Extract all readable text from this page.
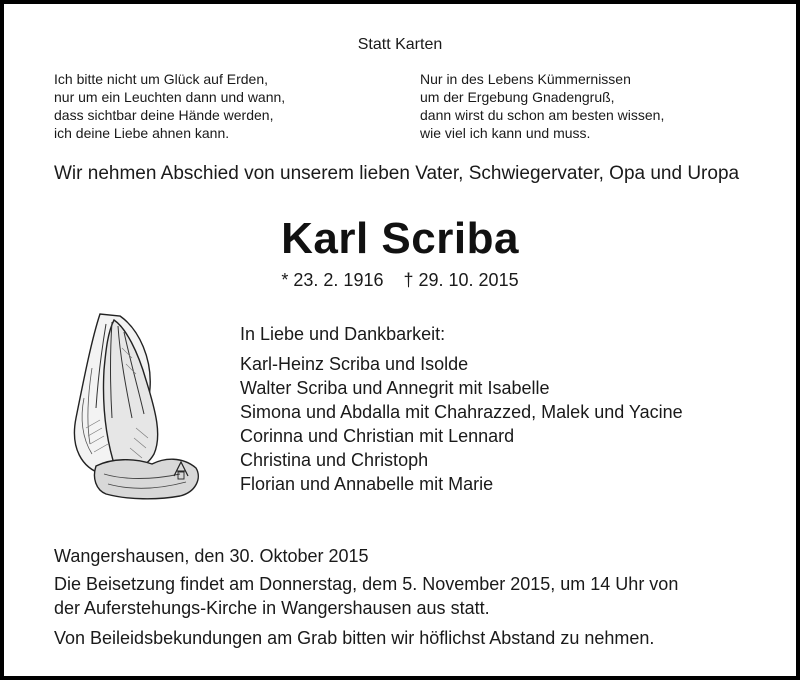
Statt Karten
Ich bitte nicht um Glück auf Erden,
nur um ein Leuchten dann und wann,
dass sichtbar deine Hände werden,
ich deine Liebe ahnen kann.
Nur in des Lebens Kümmernissen
um der Ergebung Gnadengruß,
dann wirst du schon am besten wissen,
wie viel ich kann und muss.
Wir nehmen Abschied von unserem lieben Vater, Schwiegervater, Opa und Uropa
Karl Scriba
* 23. 2. 1916 † 29. 10. 2015
In Liebe und Dankbarkeit:
Karl-Heinz Scriba und Isolde
Walter Scriba und Annegrit mit Isabelle
Simona und Abdalla mit Chahrazzed, Malek und Yacine
Corinna und Christian mit Lennard
Christina und Christoph
Florian und Annabelle mit Marie
Wangershausen, den 30. Oktober 2015
Die Beisetzung findet am Donnerstag, dem 5. November 2015, um 14 Uhr von
der Auferstehungs-Kirche in Wangershausen aus statt.
Von Beileidsbekundungen am Grab bitten wir höflichst Abstand zu nehmen.
